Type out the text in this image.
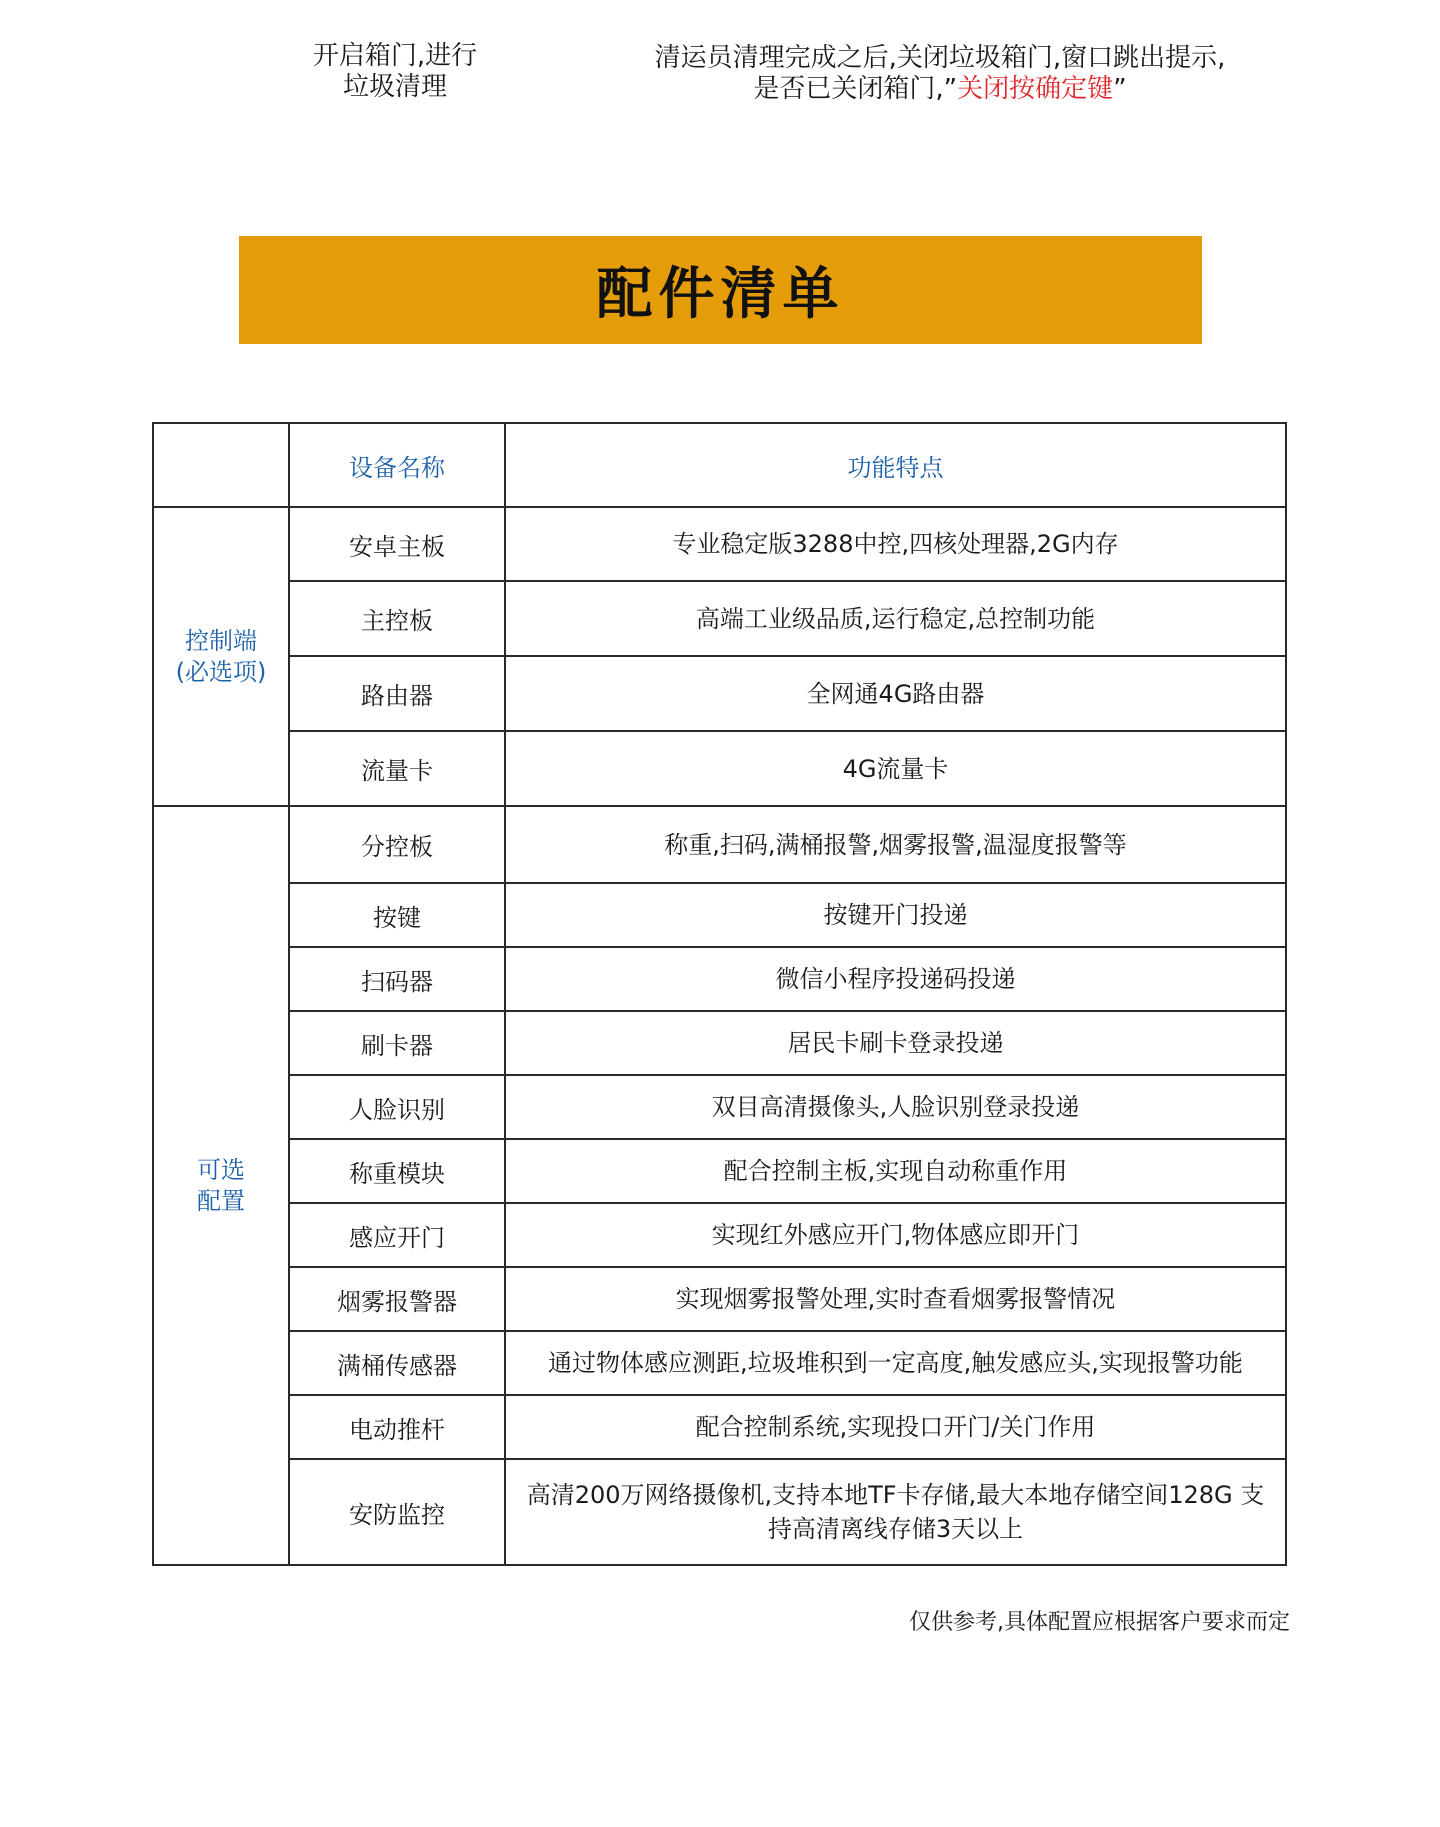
开启箱门,进行
垃圾清理
清运员清理完成之后,关闭垃圾箱门,窗口跳出提示,
是否已关闭箱门,”关闭按确定键”
配件清单
	设备名称	功能特点

控制端
(必选项)	安卓主板	专业稳定版3288中控,四核处理器,2G内存
	主控板	高端工业级品质,运行稳定,总控制功能
	路由器	全网通4G路由器
	流量卡	4G流量卡

可选
配置	分控板	称重,扫码,满桶报警,烟雾报警,温湿度报警等
	按键	按键开门投递
	扫码器	微信小程序投递码投递
	刷卡器	居民卡刷卡登录投递
	人脸识别	双目高清摄像头,人脸识别登录投递
	称重模块	配合控制主板,实现自动称重作用
	感应开门	实现红外感应开门,物体感应即开门
	烟雾报警器	实现烟雾报警处理,实时查看烟雾报警情况
	满桶传感器	通过物体感应测距,垃圾堆积到一定高度,触发感应头,实现报警功能
	电动推杆	配合控制系统,实现投口开门/关门作用
	安防监控	高清200万网络摄像机,支持本地TF卡存储,最大本地存储空间128G 支
持高清离线存储3天以上
仅供参考,具体配置应根据客户要求而定
